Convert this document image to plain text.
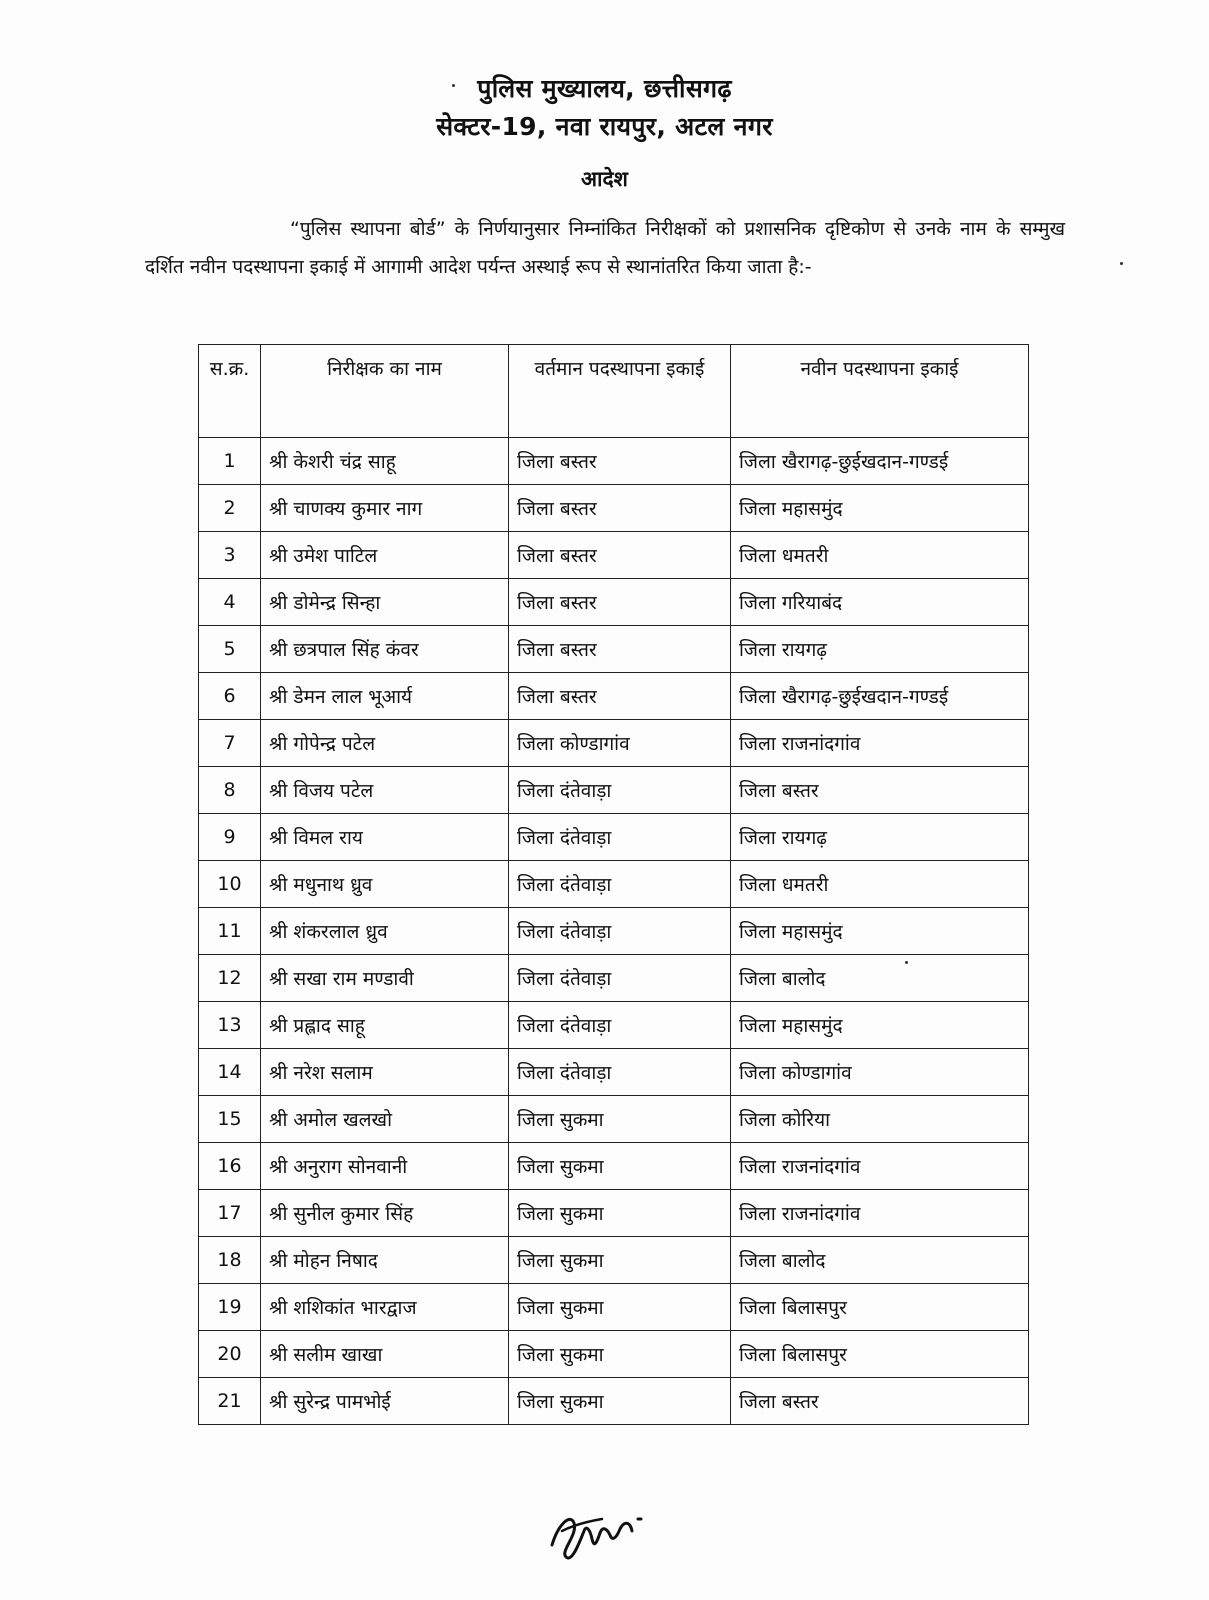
पुलिस मुख्यालय, छत्तीसगढ़
सेक्टर-19, नवा रायपुर, अटल नगर
आदेश

“पुलिस स्थापना बोर्ड” के निर्णयानुसार निम्नांकित निरीक्षकों को प्रशासनिक दृष्टिकोण से उनके नाम के सम्मुख दर्शित नवीन पदस्थापना इकाई में आगामी आदेश पर्यन्त अस्थाई रूप से स्थानांतरित किया जाता है:-

स.क्र.	निरीक्षक का नाम	वर्तमान पदस्थापना इकाई	नवीन पदस्थापना इकाई
1	श्री केशरी चंद्र साहू	जिला बस्तर	जिला खैरागढ़-छुईखदान-गण्डई
2	श्री चाणक्य कुमार नाग	जिला बस्तर	जिला महासमुंद
3	श्री उमेश पाटिल	जिला बस्तर	जिला धमतरी
4	श्री डोमेन्द्र सिन्हा	जिला बस्तर	जिला गरियाबंद
5	श्री छत्रपाल सिंह कंवर	जिला बस्तर	जिला रायगढ़
6	श्री डेमन लाल भूआर्य	जिला बस्तर	जिला खैरागढ़-छुईखदान-गण्डई
7	श्री गोपेन्द्र पटेल	जिला कोण्डागांव	जिला राजनांदगांव
8	श्री विजय पटेल	जिला दंतेवाड़ा	जिला बस्तर
9	श्री विमल राय	जिला दंतेवाड़ा	जिला रायगढ़
10	श्री मधुनाथ ध्रुव	जिला दंतेवाड़ा	जिला धमतरी
11	श्री शंकरलाल ध्रुव	जिला दंतेवाड़ा	जिला महासमुंद
12	श्री सखा राम मण्डावी	जिला दंतेवाड़ा	जिला बालोद
13	श्री प्रह्लाद साहू	जिला दंतेवाड़ा	जिला महासमुंद
14	श्री नरेश सलाम	जिला दंतेवाड़ा	जिला कोण्डागांव
15	श्री अमोल खलखो	जिला सुकमा	जिला कोरिया
16	श्री अनुराग सोनवानी	जिला सुकमा	जिला राजनांदगांव
17	श्री सुनील कुमार सिंह	जिला सुकमा	जिला राजनांदगांव
18	श्री मोहन निषाद	जिला सुकमा	जिला बालोद
19	श्री शशिकांत भारद्वाज	जिला सुकमा	जिला बिलासपुर
20	श्री सलीम खाखा	जिला सुकमा	जिला बिलासपुर
21	श्री सुरेन्द्र पामभोई	जिला सुकमा	जिला बस्तर
